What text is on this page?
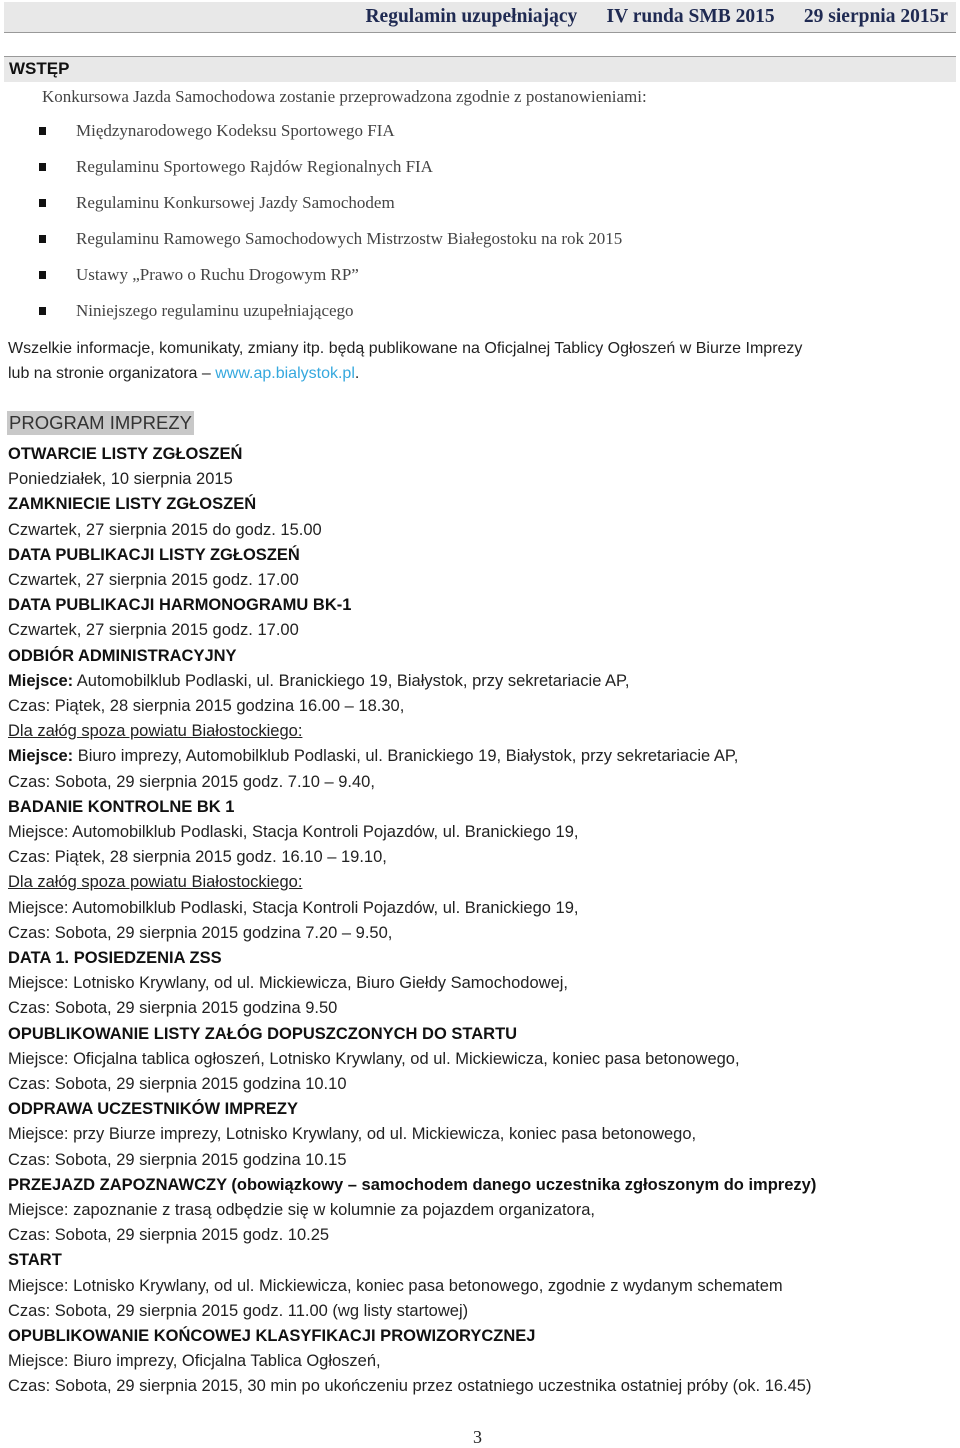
Regulamin uzupełniający IV runda SMB 2015 29 sierpnia 2015r
WSTĘP
Konkursowa Jazda Samochodowa zostanie przeprowadzona zgodnie z postanowieniami:
Międzynarodowego Kodeksu Sportowego FIA
Regulaminu Sportowego Rajdów Regionalnych FIA
Regulaminu Konkursowej Jazdy Samochodem
Regulaminu Ramowego Samochodowych Mistrzostw Białegostoku na rok 2015
Ustawy „Prawo o Ruchu Drogowym RP”
Niniejszego regulaminu uzupełniającego
Wszelkie informacje, komunikaty, zmiany itp. będą publikowane na Oficjalnej Tablicy Ogłoszeń w Biurze Imprezy
lub na stronie organizatora – www.ap.bialystok.pl.
PROGRAM IMPREZY
OTWARCIE LISTY ZGŁOSZEŃ
Poniedziałek, 10 sierpnia 2015
ZAMKNIECIE LISTY ZGŁOSZEŃ
Czwartek, 27 sierpnia 2015 do godz. 15.00
DATA PUBLIKACJI LISTY ZGŁOSZEŃ
Czwartek, 27 sierpnia 2015 godz. 17.00
DATA PUBLIKACJI HARMONOGRAMU BK-1
Czwartek, 27 sierpnia 2015 godz. 17.00
ODBIÓR ADMINISTRACYJNY
Miejsce: Automobilklub Podlaski, ul. Branickiego 19, Białystok, przy sekretariacie AP,
Czas: Piątek, 28 sierpnia 2015 godzina 16.00 – 18.30,
Dla załóg spoza powiatu Białostockiego:
Miejsce: Biuro imprezy, Automobilklub Podlaski, ul. Branickiego 19, Białystok, przy sekretariacie AP,
Czas: Sobota, 29 sierpnia 2015 godz. 7.10 – 9.40,
BADANIE KONTROLNE BK 1
Miejsce: Automobilklub Podlaski, Stacja Kontroli Pojazdów, ul. Branickiego 19,
Czas: Piątek, 28 sierpnia 2015 godz. 16.10 – 19.10,
Dla załóg spoza powiatu Białostockiego:
Miejsce: Automobilklub Podlaski, Stacja Kontroli Pojazdów, ul. Branickiego 19,
Czas: Sobota, 29 sierpnia 2015 godzina 7.20 – 9.50,
DATA 1. POSIEDZENIA ZSS
Miejsce: Lotnisko Krywlany, od ul. Mickiewicza, Biuro Giełdy Samochodowej,
Czas: Sobota, 29 sierpnia 2015 godzina 9.50
OPUBLIKOWANIE LISTY ZAŁÓG DOPUSZCZONYCH DO STARTU
Miejsce: Oficjalna tablica ogłoszeń, Lotnisko Krywlany, od ul. Mickiewicza, koniec pasa betonowego,
Czas: Sobota, 29 sierpnia 2015 godzina 10.10
ODPRAWA UCZESTNIKÓW IMPREZY
Miejsce: przy Biurze imprezy, Lotnisko Krywlany, od ul. Mickiewicza, koniec pasa betonowego,
Czas: Sobota, 29 sierpnia 2015 godzina 10.15
PRZEJAZD ZAPOZNAWCZY (obowiązkowy – samochodem danego uczestnika zgłoszonym do imprezy)
Miejsce: zapoznanie z trasą odbędzie się w kolumnie za pojazdem organizatora,
Czas: Sobota, 29 sierpnia 2015 godz. 10.25
START
Miejsce: Lotnisko Krywlany, od ul. Mickiewicza, koniec pasa betonowego, zgodnie z wydanym schematem
Czas: Sobota, 29 sierpnia 2015 godz. 11.00 (wg listy startowej)
OPUBLIKOWANIE KOŃCOWEJ KLASYFIKACJI PROWIZORYCZNEJ
Miejsce: Biuro imprezy, Oficjalna Tablica Ogłoszeń,
Czas: Sobota, 29 sierpnia 2015, 30 min po ukończeniu przez ostatniego uczestnika ostatniej próby (ok. 16.45)
3
